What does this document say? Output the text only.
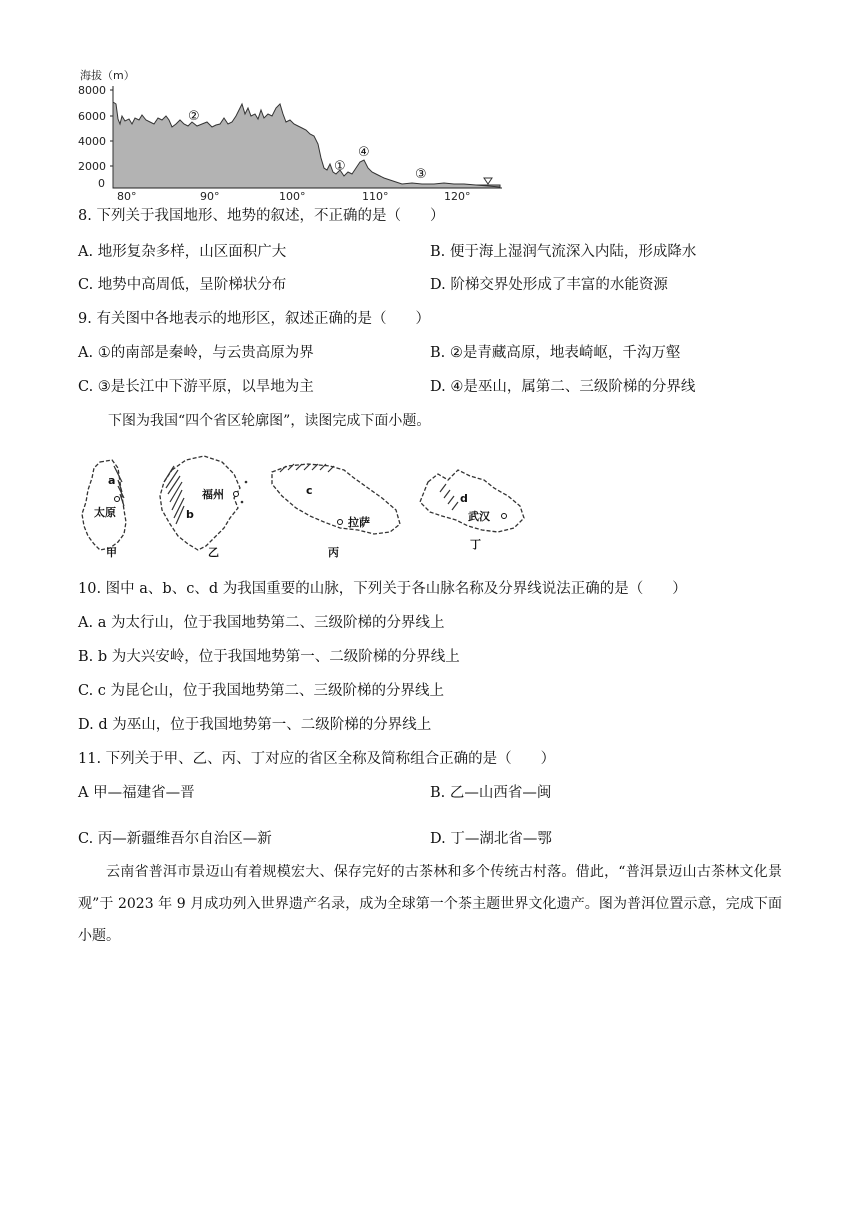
海拔（m）
8000
6000
4000
2000
0
80°	90°	100°	110°	120°
②
①
④
③
8. 下列关于我国地形、地势的叙述，不正确的是（　　）
A. 地形复杂多样，山区面积广大	B. 便于海上湿润气流深入内陆，形成降水
C. 地势中高周低，呈阶梯状分布	D. 阶梯交界处形成了丰富的水能资源
9. 有关图中各地表示的地形区，叙述正确的是（　　）
A. ①的南部是秦岭，与云贵高原为界	B. ②是青藏高原，地表崎岖，千沟万壑
C. ③是长江中下游平原，以旱地为主	D. ④是巫山，属第二、三级阶梯的分界线
下图为我国“四个省区轮廓图”，读图完成下面小题。
a
太原
甲
b
福州
乙
c
拉萨
丙
d
武汉
丁
10. 图中 a、b、c、d 为我国重要的山脉，下列关于各山脉名称及分界线说法正确的是（　　）
A. a 为太行山，位于我国地势第二、三级阶梯的分界线上
B. b 为大兴安岭，位于我国地势第一、二级阶梯的分界线上
C. c 为昆仑山，位于我国地势第二、三级阶梯的分界线上
D. d 为巫山，位于我国地势第一、二级阶梯的分界线上
11. 下列关于甲、乙、丙、丁对应的省区全称及简称组合正确的是（　　）
A 甲—福建省—晋	B. 乙—山西省—闽
C. 丙—新疆维吾尔自治区—新	D. 丁—湖北省—鄂
云南省普洱市景迈山有着规模宏大、保存完好的古茶林和多个传统古村落。借此，“普洱景迈山古茶林文化景观”于 2023 年 9 月成功列入世界遗产名录，成为全球第一个茶主题世界文化遗产。图为普洱位置示意，完成下面小题。
